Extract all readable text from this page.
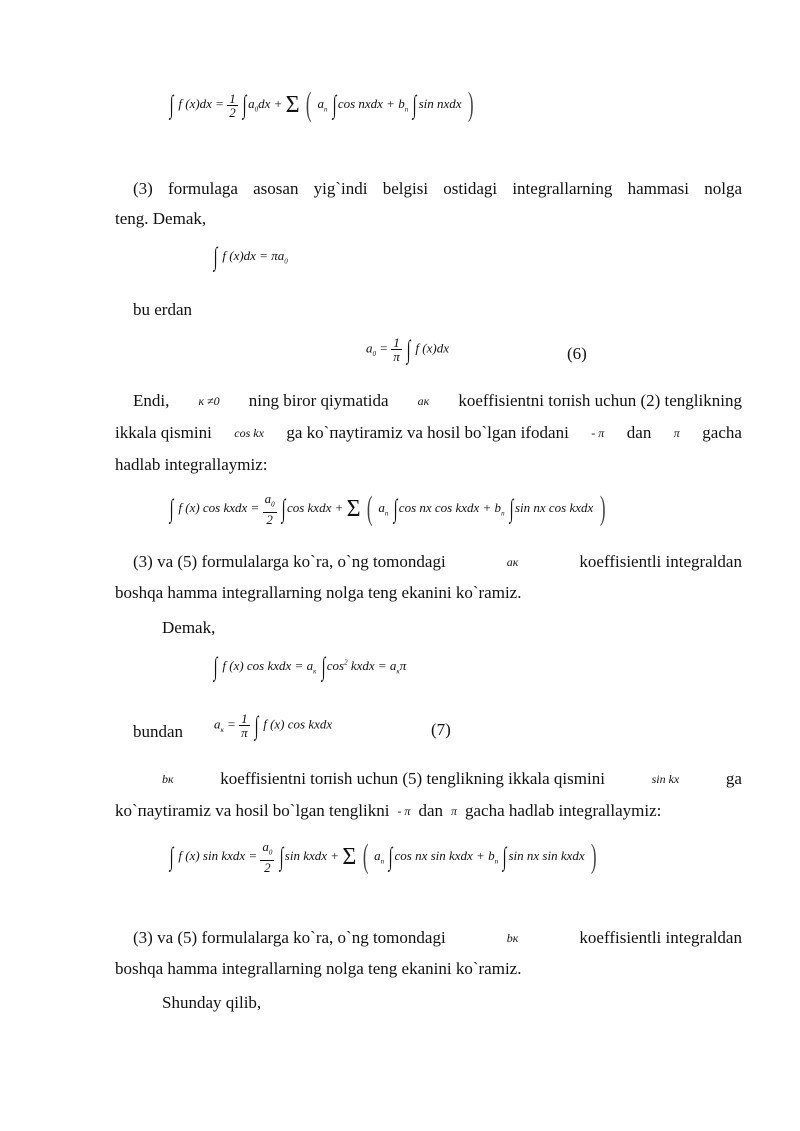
∫ f $(x)dx = \frac{1}{2}$ ∫ $a_0dx + \Sigma$ ( $a_n$ ∫ cos nxdx + $b_n$ ∫ sin nxdx )
(3) formulaga asosan yig`indi belgisi ostidagi integrallarning hammasi nolga
teng. Demak,
∫ f $(x)dx = \pi a_0$
bu erdan
$a_0 = \frac{1}{\pi}$ ∫ f (x)dx	(6)
Endi, к ≠0 ning biror qiymatida aк koeffisientni toпish uchun (2) tenglikning
ikkala qismini cos kx ga ko`пaytiramiz va hosil bo`lgan ifodani - π dan π gacha
hadlab integrallaymiz:
∫ f (x) cos kxdx = $\frac{a_0}{2}$ ∫ cos kxdx + Σ ( $a_n$ ∫ cos nx cos kxdx + $b_n$ ∫ sin nx cos kxdx )
(3) va (5) formulalarga ko`ra, o`ng tomondagi	aк	koeffisientli integraldan
boshqa hamma integrallarning nolga teng ekanini ko`ramiz.
Demak,
∫ f (x) cos kxdx = $a_к$ ∫ $\cos^2$ kxdx = $a_к\pi$
bundan $a_к = \frac{1}{\pi}$ ∫ f (x) cos kxdx	(7)
bк	koeffisientni toпish uchun (5) tenglikning ikkala qismini	sin kx	ga
ko`пaytiramiz va hosil bo`lgan tenglikni - π dan π gacha hadlab integrallaymiz:
∫ f (x) sin kxdx = $\frac{a_0}{2}$ ∫ sin kxdx + Σ ( $a_n$ ∫ cos nx sin kxdx + $b_n$ ∫ sin nx sin kxdx )
(3) va (5) formulalarga ko`ra, o`ng tomondagi	bк	koeffisientli integraldan
boshqa hamma integrallarning nolga teng ekanini ko`ramiz.
Shunday qilib,
